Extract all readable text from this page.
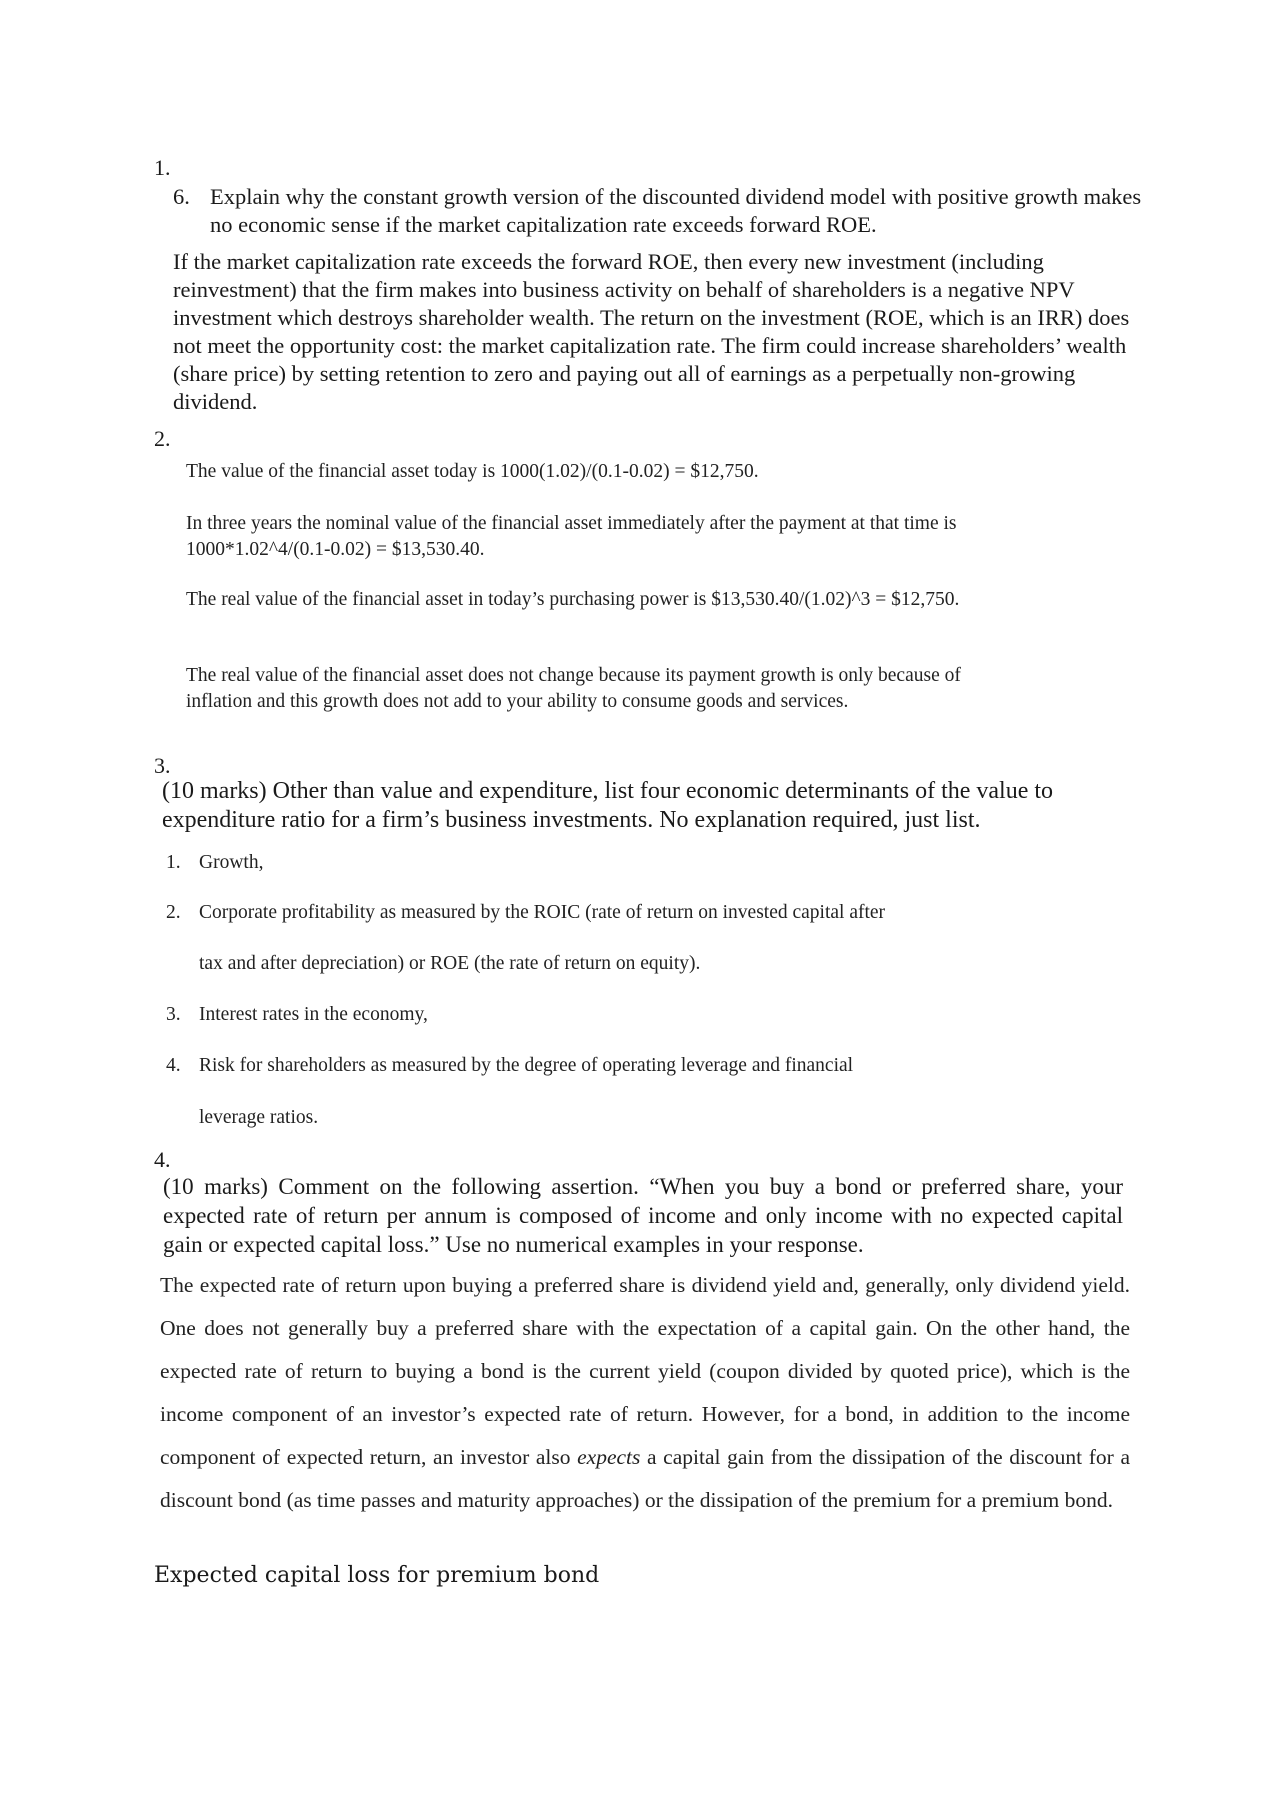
1.

6. Explain why the constant growth version of the discounted dividend model with positive growth makes no economic sense if the market capitalization rate exceeds forward ROE.

If the market capitalization rate exceeds the forward ROE, then every new investment (including reinvestment) that the firm makes into business activity on behalf of shareholders is a negative NPV investment which destroys shareholder wealth. The return on the investment (ROE, which is an IRR) does not meet the opportunity cost: the market capitalization rate. The firm could increase shareholders’ wealth (share price) by setting retention to zero and paying out all of earnings as a perpetually non-growing dividend.

2.

The value of the financial asset today is 1000(1.02)/(0.1-0.02) = $12,750.

In three years the nominal value of the financial asset immediately after the payment at that time is 1000*1.02^4/(0.1-0.02) = $13,530.40.

The real value of the financial asset in today’s purchasing power is $13,530.40/(1.02)^3 = $12,750.

The real value of the financial asset does not change because its payment growth is only because of inflation and this growth does not add to your ability to consume goods and services.

3.

(10 marks) Other than value and expenditure, list four economic determinants of the value to expenditure ratio for a firm’s business investments. No explanation required, just list.

1. Growth,
2. Corporate profitability as measured by the ROIC (rate of return on invested capital after
tax and after depreciation) or ROE (the rate of return on equity).
3. Interest rates in the economy,
4. Risk for shareholders as measured by the degree of operating leverage and financial
leverage ratios.

4.

(10 marks) Comment on the following assertion. “When you buy a bond or preferred share, your expected rate of return per annum is composed of income and only income with no expected capital gain or expected capital loss.” Use no numerical examples in your response.

The expected rate of return upon buying a preferred share is dividend yield and, generally, only dividend yield. One does not generally buy a preferred share with the expectation of a capital gain. On the other hand, the expected rate of return to buying a bond is the current yield (coupon divided by quoted price), which is the income component of an investor’s expected rate of return. However, for a bond, in addition to the income component of expected return, an investor also expects a capital gain from the dissipation of the discount for a discount bond (as time passes and maturity approaches) or the dissipation of the premium for a premium bond.

Expected capital loss for premium bond
